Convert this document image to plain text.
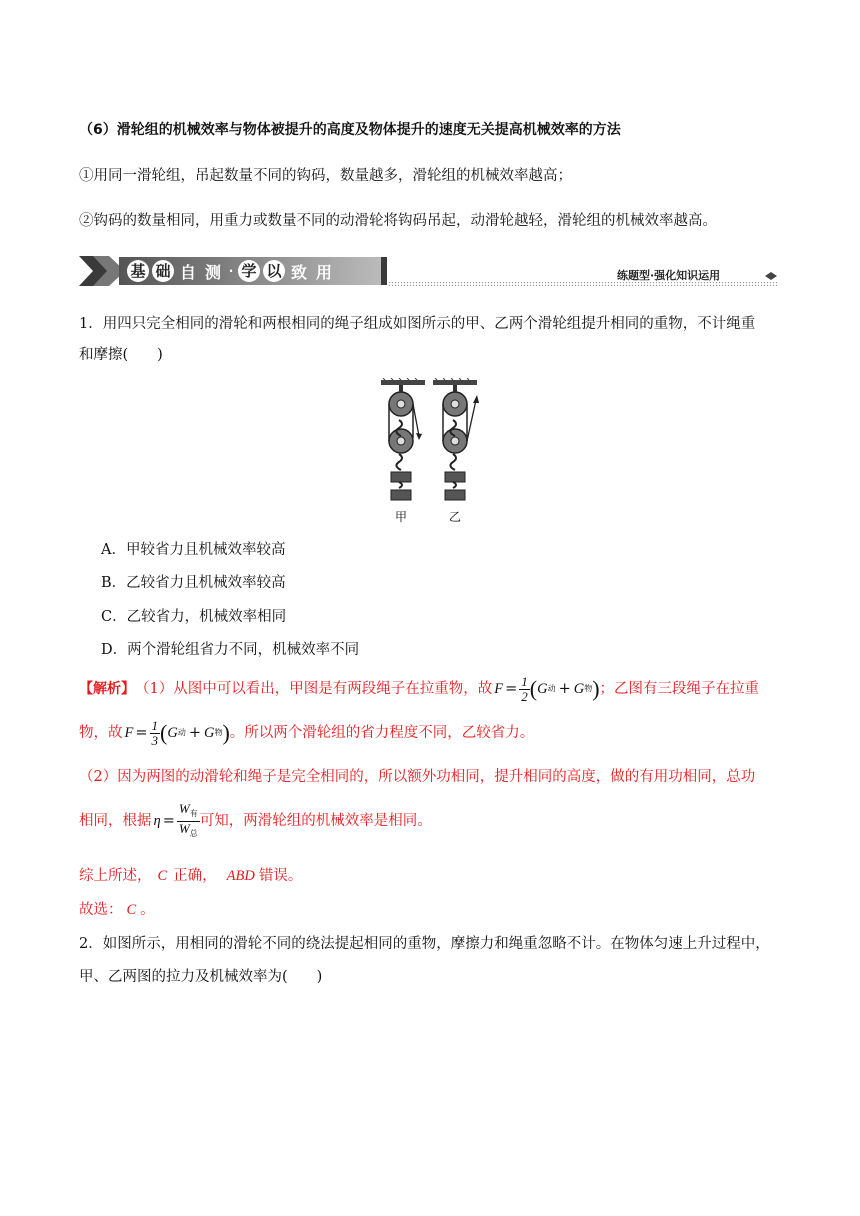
（6）滑轮组的机械效率与物体被提升的高度及物体提升的速度无关提高机械效率的方法
①用同一滑轮组，吊起数量不同的钩码，数量越多，滑轮组的机械效率越高；
②钩码的数量相同，用重力或数量不同的动滑轮将钩码吊起，动滑轮越轻，滑轮组的机械效率越高。
基 础 自 测 · 学 以 致 用	练题型·强化知识运用
1．用四只完全相同的滑轮和两根相同的绳子组成如图所示的甲、乙两个滑轮组提升相同的重物，不计绳重
和摩擦(　　)
甲	乙
A．甲较省力且机械效率较高
B．乙较省力且机械效率较高
C．乙较省力，机械效率相同
D．两个滑轮组省力不同，机械效率不同
【解析】 （1）从图中可以看出，甲图是有两段绳子在拉重物，故 $F = \frac{1}{2}$ ( G 动 + G 物 ) ；乙图有三段绳子在拉重
物，故 $F = \frac{1}{3}$ ( G 动 + G 物 ) 。所以两个滑轮组的省力程度不同，乙较省力。
（2）因为两图的动滑轮和绳子是完全相同的，所以额外功相同，提升相同的高度，做的有用功相同，总功
相同，根据 $\eta = \frac{W_有}{W_总}$ 可知，两滑轮组的机械效率是相同。
综上所述， C 正确， ABD 错误。
故选： C 。
2．如图所示，用相同的滑轮不同的绕法提起相同的重物，摩擦力和绳重忽略不计。在物体匀速上升过程中，
甲、乙两图的拉力及机械效率为(　　)
